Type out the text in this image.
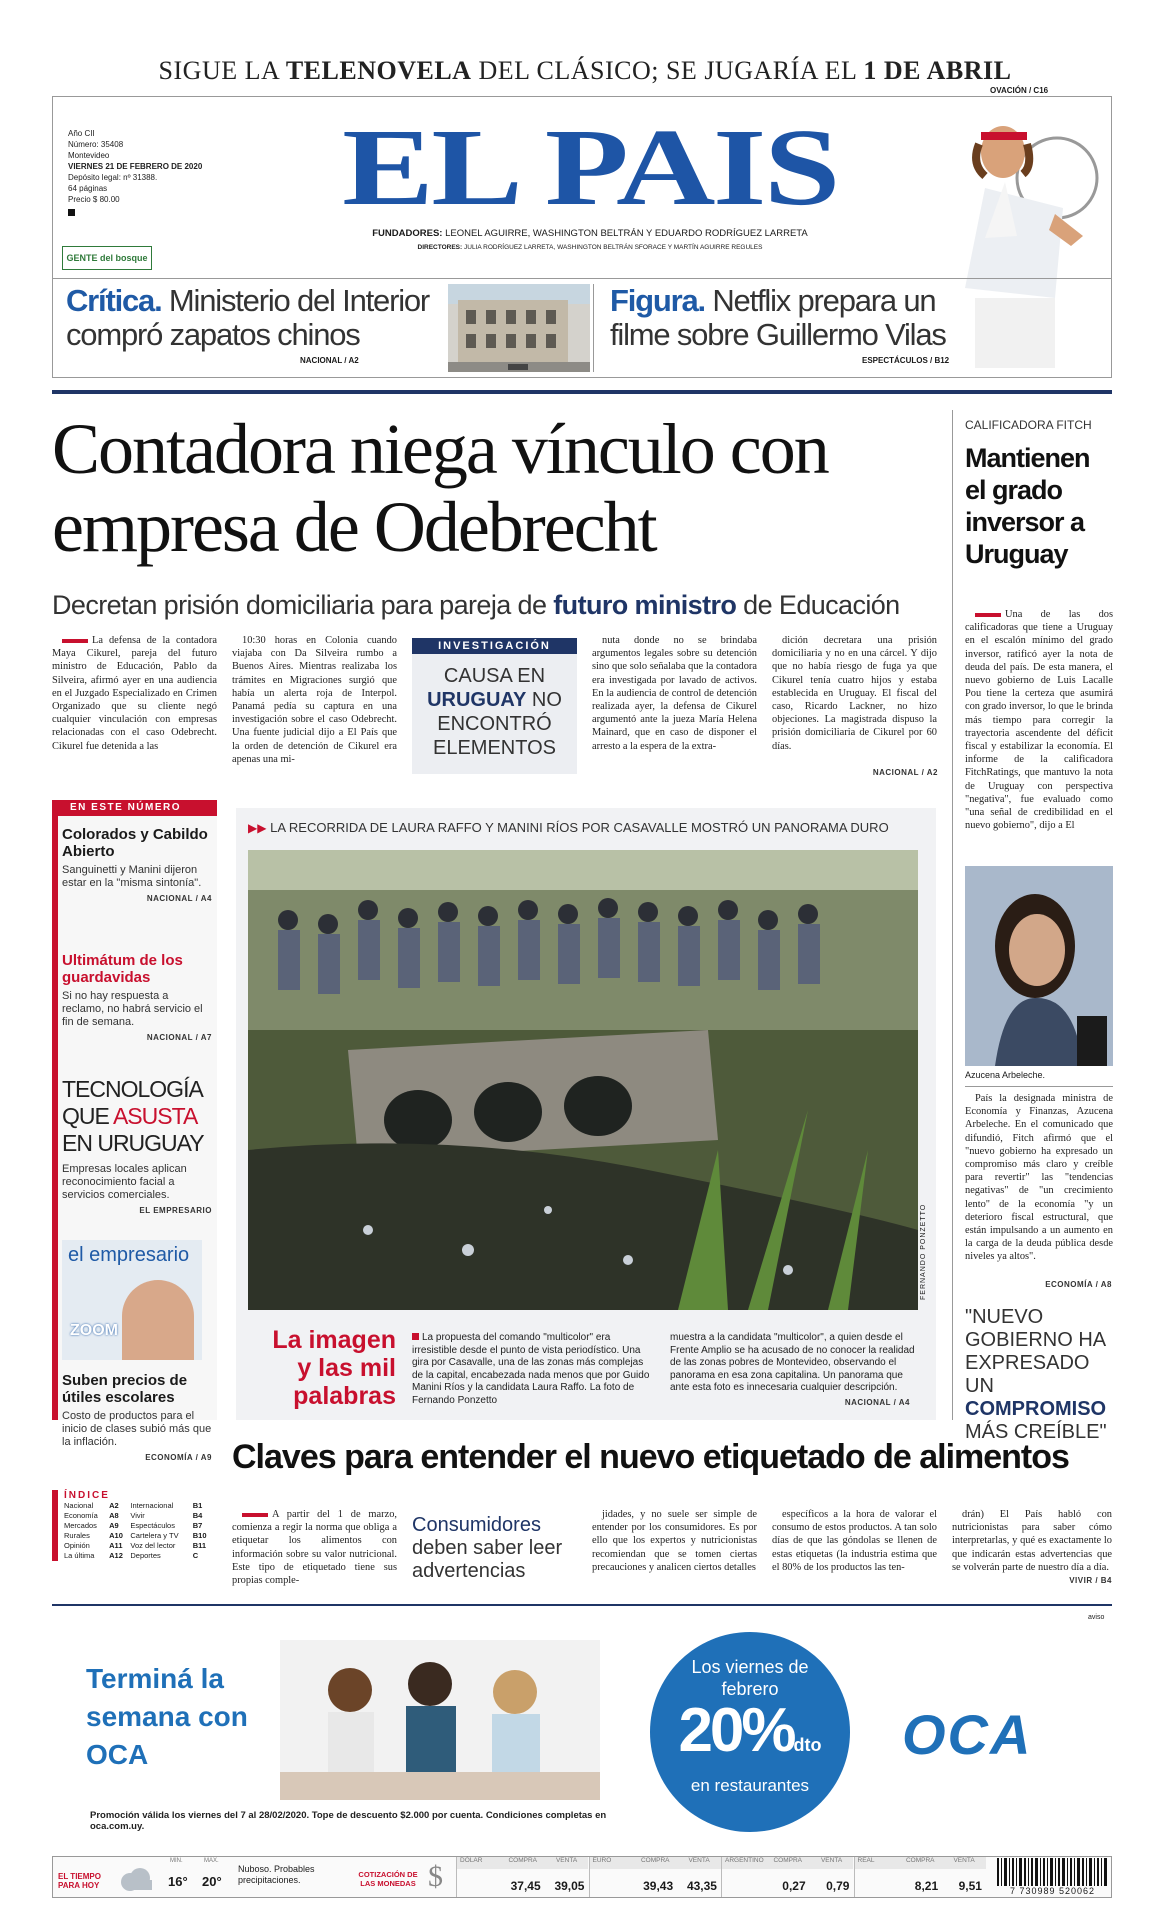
SIGUE LA TELENOVELA DEL CLÁSICO; SE JUGARÍA EL 1 DE ABRIL
OVACIÓN / C16
Año CII
Número: 35408
Montevideo
VIERNES 21 DE FEBRERO DE 2020
Depósito legal: nº 31388.
64 páginas
Precio $ 80.00
GENTE del bosque
EL PAIS
FUNDADORES: LEONEL AGUIRRE, WASHINGTON BELTRÁN Y EDUARDO RODRÍGUEZ LARRETA
DIRECTORES: JULIA RODRÍGUEZ LARRETA, WASHINGTON BELTRÁN SFORACE Y MARTÍN AGUIRRE REGULES
Crítica. Ministerio del Interior compró zapatos chinos
NACIONAL / A2
Figura. Netflix prepara un filme sobre Guillermo Vilas
ESPECTÁCULOS / B12
Contadora niega vínculo con empresa de Odebrecht
Decretan prisión domiciliaria para pareja de futuro ministro de Educación

La defensa de la contadora Maya Cikurel, pareja del futuro ministro de Educación, Pablo da Silveira, afirmó ayer en una audiencia en el Juzgado Especializado en Crimen Organizado que su cliente negó cualquier vinculación con empresas relacionadas con el caso Odebrecht. Cikurel fue detenida a las

10:30 horas en Colonia cuando viajaba con Da Silveira rumbo a Buenos Aires. Mientras realizaba los trámites en Migraciones surgió que había un alerta roja de Interpol. Panamá pedía su captura en una investigación sobre el caso Odebrecht. Una fuente judicial dijo a El País que la orden de detención de Cikurel era apenas una mi-

INVESTIGACIÓN
CAUSA EN
URUGUAY NO ENCONTRÓ ELEMENTOS

nuta donde no se brindaba argumentos legales sobre su detención sino que solo señalaba que la contadora era investigada por lavado de activos. En la audiencia de control de detención realizada ayer, la defensa de Cikurel argumentó ante la jueza María Helena Mainard, que en caso de disponer el arresto a la espera de la extra-

dición decretara una prisión domiciliaria y no en una cárcel. Y dijo que no había riesgo de fuga ya que Cikurel tenía cuatro hijos y estaba establecida en Uruguay. El fiscal del caso, Ricardo Lackner, no hizo objeciones. La magistrada dispuso la prisión domiciliaria de Cikurel por 60 días.

NACIONAL / A2
CALIFICADORA FITCH
Mantienen el grado inversor a Uruguay

Una de las dos calificadoras que tiene a Uruguay en el escalón mínimo del grado inversor, ratificó ayer la nota de deuda del país. De esta manera, el nuevo gobierno de Luis Lacalle Pou tiene la certeza que asumirá con grado inversor, lo que le brinda más tiempo para corregir la trayectoria ascendente del déficit fiscal y estabilizar la economía. El informe de la calificadora FitchRatings, que mantuvo la nota de Uruguay con perspectiva "negativa", fue evaluado como "una señal de credibilidad en el nuevo gobierno", dijo a El

Azucena Arbeleche.

País la designada ministra de Economía y Finanzas, Azucena Arbeleche. En el comunicado que difundió, Fitch afirmó que el "nuevo gobierno ha expresado un compromiso más claro y creíble para revertir" las "tendencias negativas" de "un crecimiento lento" de la economía "y un deterioro fiscal estructural, que están impulsando a un aumento en la carga de la deuda pública desde niveles ya altos".

ECONOMÍA / A8
"NUEVO GOBIERNO HA EXPRESADO UN COMPROMISO MÁS CREÍBLE"
EN ESTE NÚMERO
Colorados y Cabildo Abierto
Sanguinetti y Manini dijeron estar en la "misma sintonía".
NACIONAL / A4
Ultimátum de los guardavidas
Si no hay respuesta a reclamo, no habrá servicio el fin de semana.
NACIONAL / A7
TECNOLOGÍA
QUE ASUSTA
EN URUGUAY
Empresas locales aplican reconocimiento facial a servicios comerciales.
EL EMPRESARIO
el empresario
ZOOM
Suben precios de útiles escolares
Costo de productos para el inicio de clases subió más que la inflación.
ECONOMÍA / A9
ÍNDICE
Nacional	A2	Internacional	B1
Economía	A8	Vivir	B4
Mercados	A9	Espectáculos	B7
Rurales	A10	Cartelera y TV	B10
Opinión	A11	Voz del lector	B11
La última	A12	Deportes	C
▶▶ LA RECORRIDA DE LAURA RAFFO Y MANINI RÍOS POR CASAVALLE MOSTRÓ UN PANORAMA DURO
FERNANDO PONZETTO
La imagen
y las mil palabras
La propuesta del comando "multicolor" era irresistible desde el punto de vista periodístico. Una gira por Casavalle, una de las zonas más complejas de la capital, encabezada nada menos que por Guido Manini Ríos y la candidata Laura Raffo. La foto de Fernando Ponzetto
muestra a la candidata "multicolor", a quien desde el Frente Amplio se ha acusado de no conocer la realidad de las zonas pobres de Montevideo, observando el panorama en esa zona capitalina. Un panorama que ante esta foto es innecesaria cualquier descripción.
NACIONAL / A4
Claves para entender el nuevo etiquetado de alimentos

A partir del 1 de marzo, comienza a regir la norma que obliga a etiquetar los alimentos con información sobre su valor nutricional. Este tipo de etiquetado tiene sus propias comple-

Consumidores
deben saber leer advertencias

jidades, y no suele ser simple de entender por los consumidores. Es por ello que los expertos y nutricionistas recomiendan que se tomen ciertas precauciones y analicen ciertos detalles

específicos a la hora de valorar el consumo de estos productos. A tan solo días de que las góndolas se llenen de estas etiquetas (la industria estima que el 80% de los productos las ten-

drán) El País habló con nutricionistas para saber cómo interpretarlas, y qué es exactamente lo que indicarán estas advertencias que se volverán parte de nuestro día a día.

VIVIR / B4
aviso
Terminá la semana con OCA
Los viernes de febrero
20%dto
en restaurantes
OCA
Promoción válida los viernes del 7 al 28/02/2020. Tope de descuento $2.000 por cuenta. Condiciones completas en oca.com.uy.
EL TIEMPO PARA HOY
MIN.	MAX.
16° 20°
Nuboso. Probables precipitaciones.
COTIZACIÓN DE LAS MONEDAS $	DÓLAR	COMPRA	VENTA
37,45	39,05
EURO	COMPRA	VENTA
39,43	43,35
ARGENTINO	COMPRA	VENTA
0,27	0,79
REAL	COMPRA	VENTA
8,21	9,51	7 730989 520062
